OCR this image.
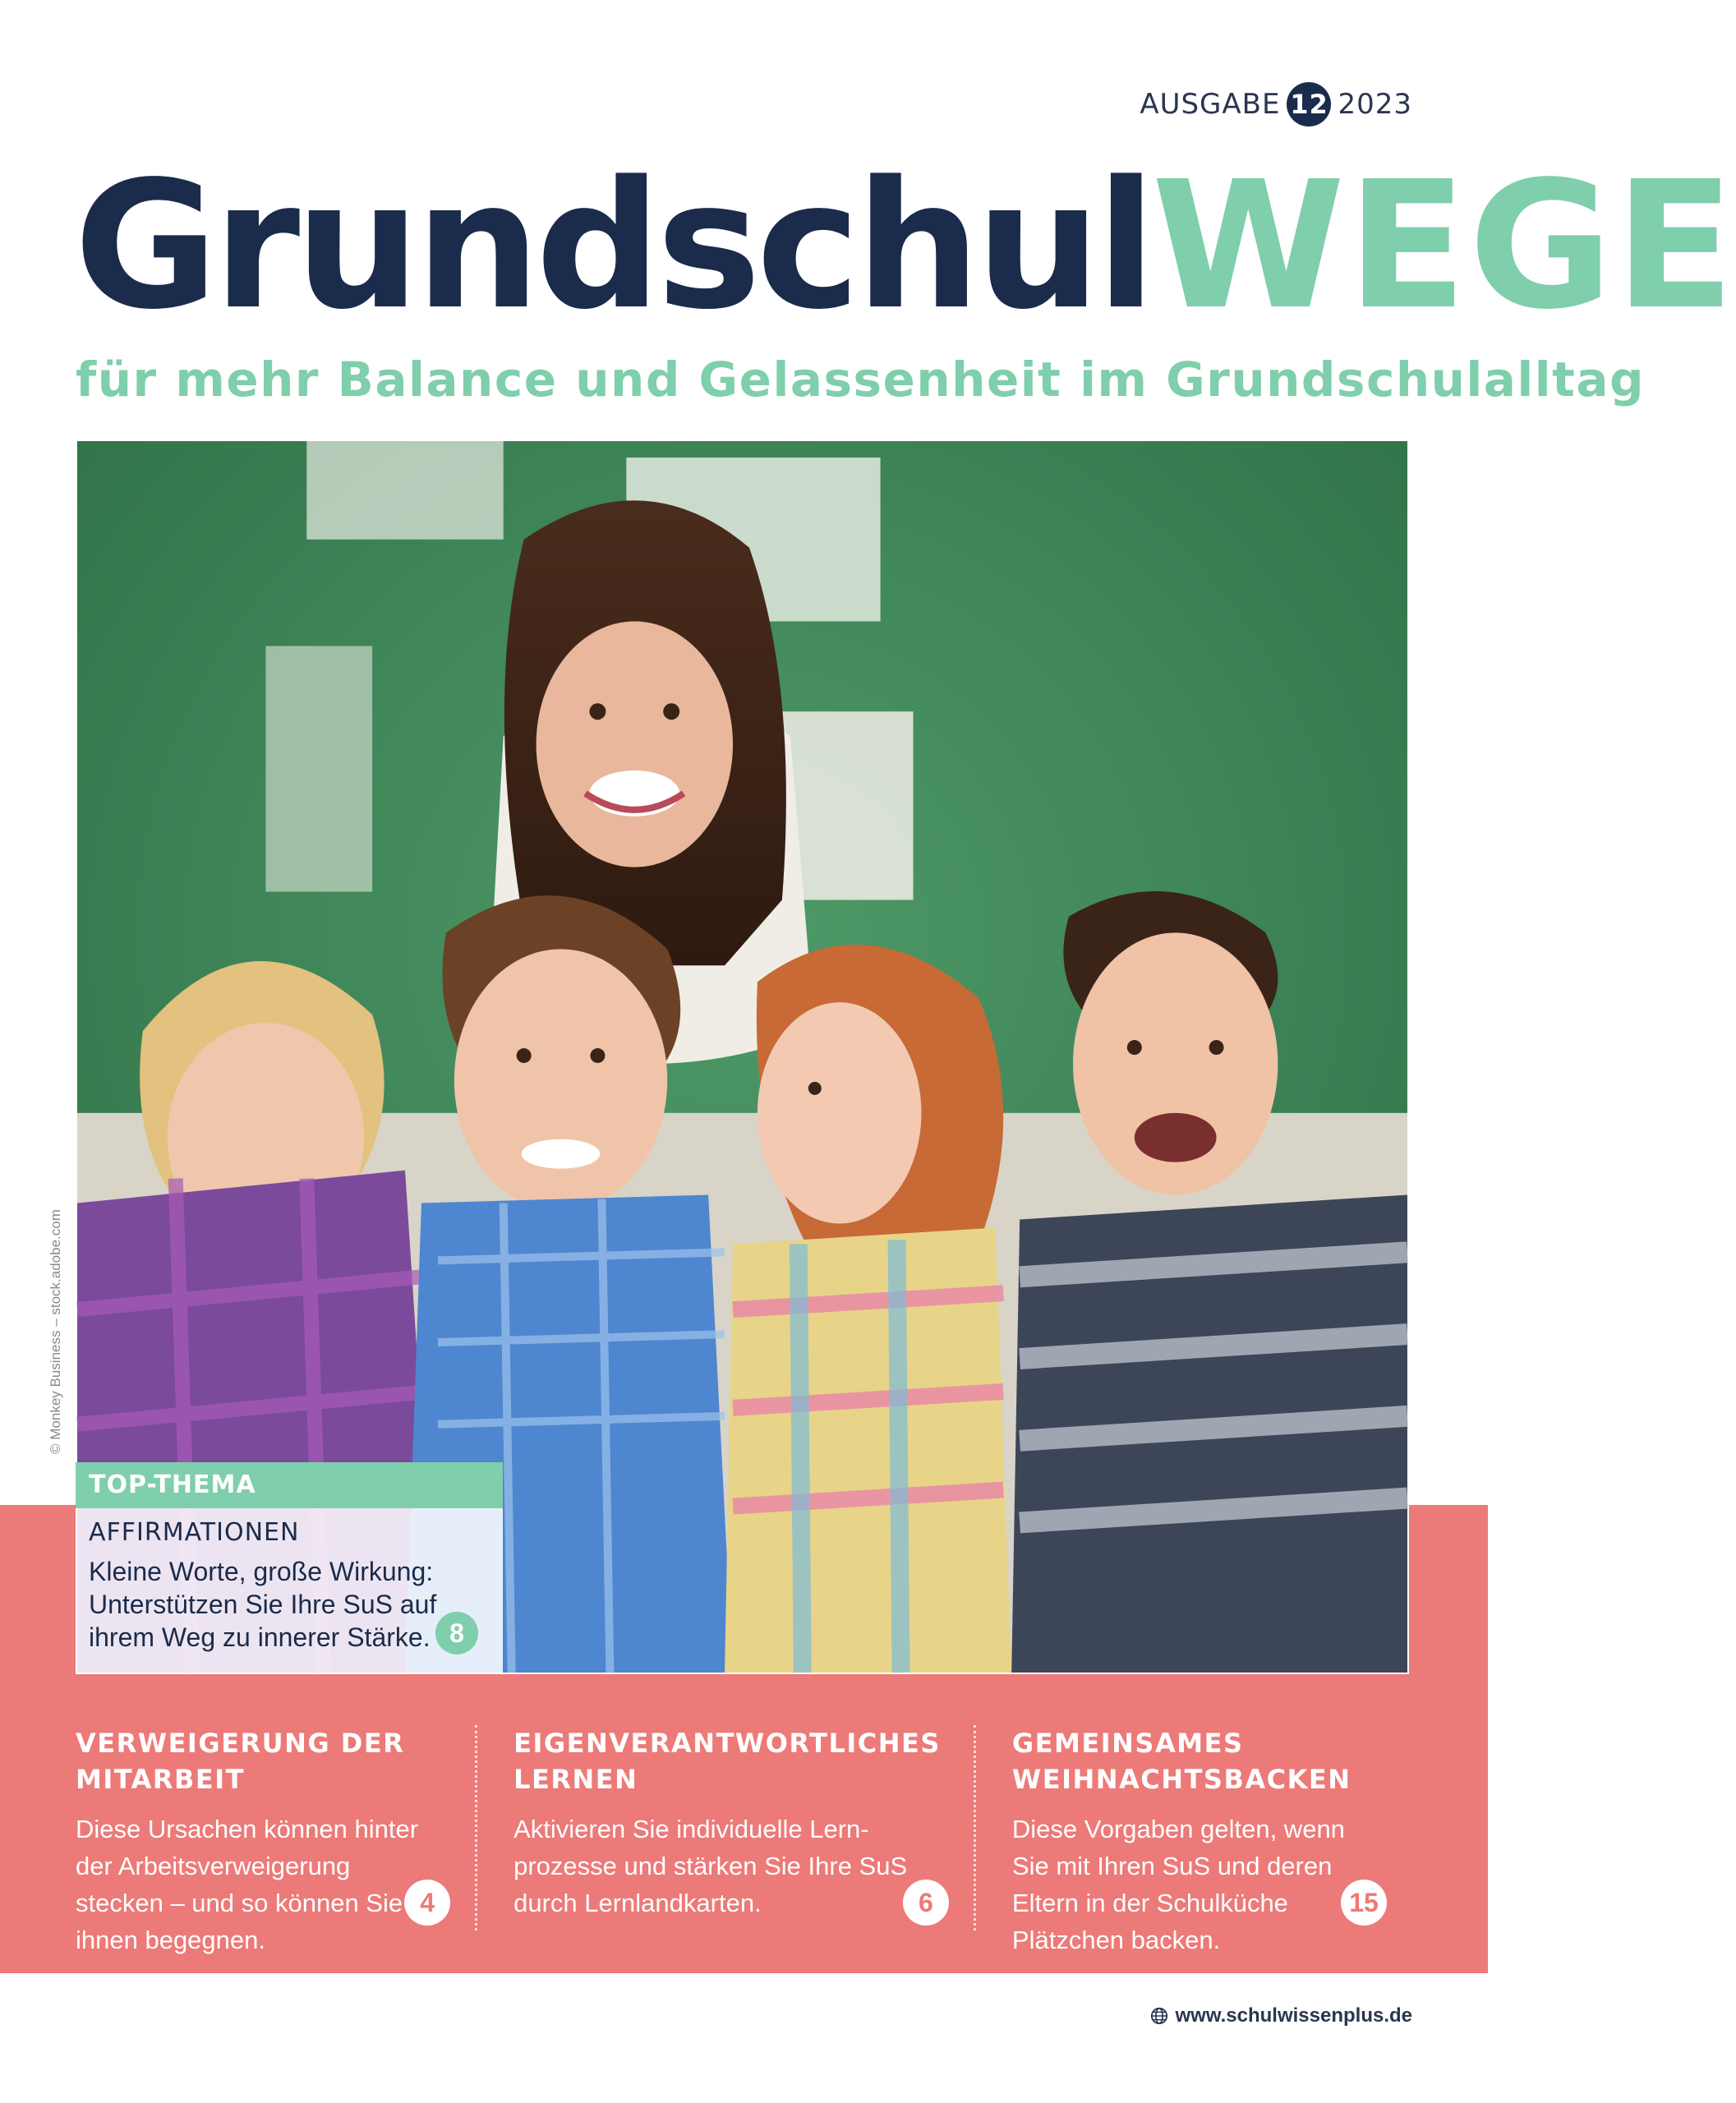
AUSGABE 12 2023
GrundschulWEGE
für mehr Balance und Gelassenheit im Grundschulalltag
© Monkey Business – stock.adobe.com
TOP-THEMA
AFFIRMATIONEN
Kleine Worte, große Wirkung: Unterstützen Sie Ihre SuS auf ihrem Weg zu innerer Stärke. 8
VERWEIGERUNG DER MITARBEIT
Diese Ursachen können hinter der Arbeitsverweigerung stecken – und so können Sie ihnen begegnen.
4
EIGENVERANTWORTLICHES LERNEN
Aktivieren Sie individuelle Lernprozesse und stärken Sie Ihre SuS durch Lernlandkarten.	6
GEMEINSAMES WEIHNACHTSBACKEN
Diese Vorgaben gelten, wenn Sie mit Ihren SuS und deren Eltern in der Schulküche Plätzchen backen.
15
www.schulwissenplus.de
